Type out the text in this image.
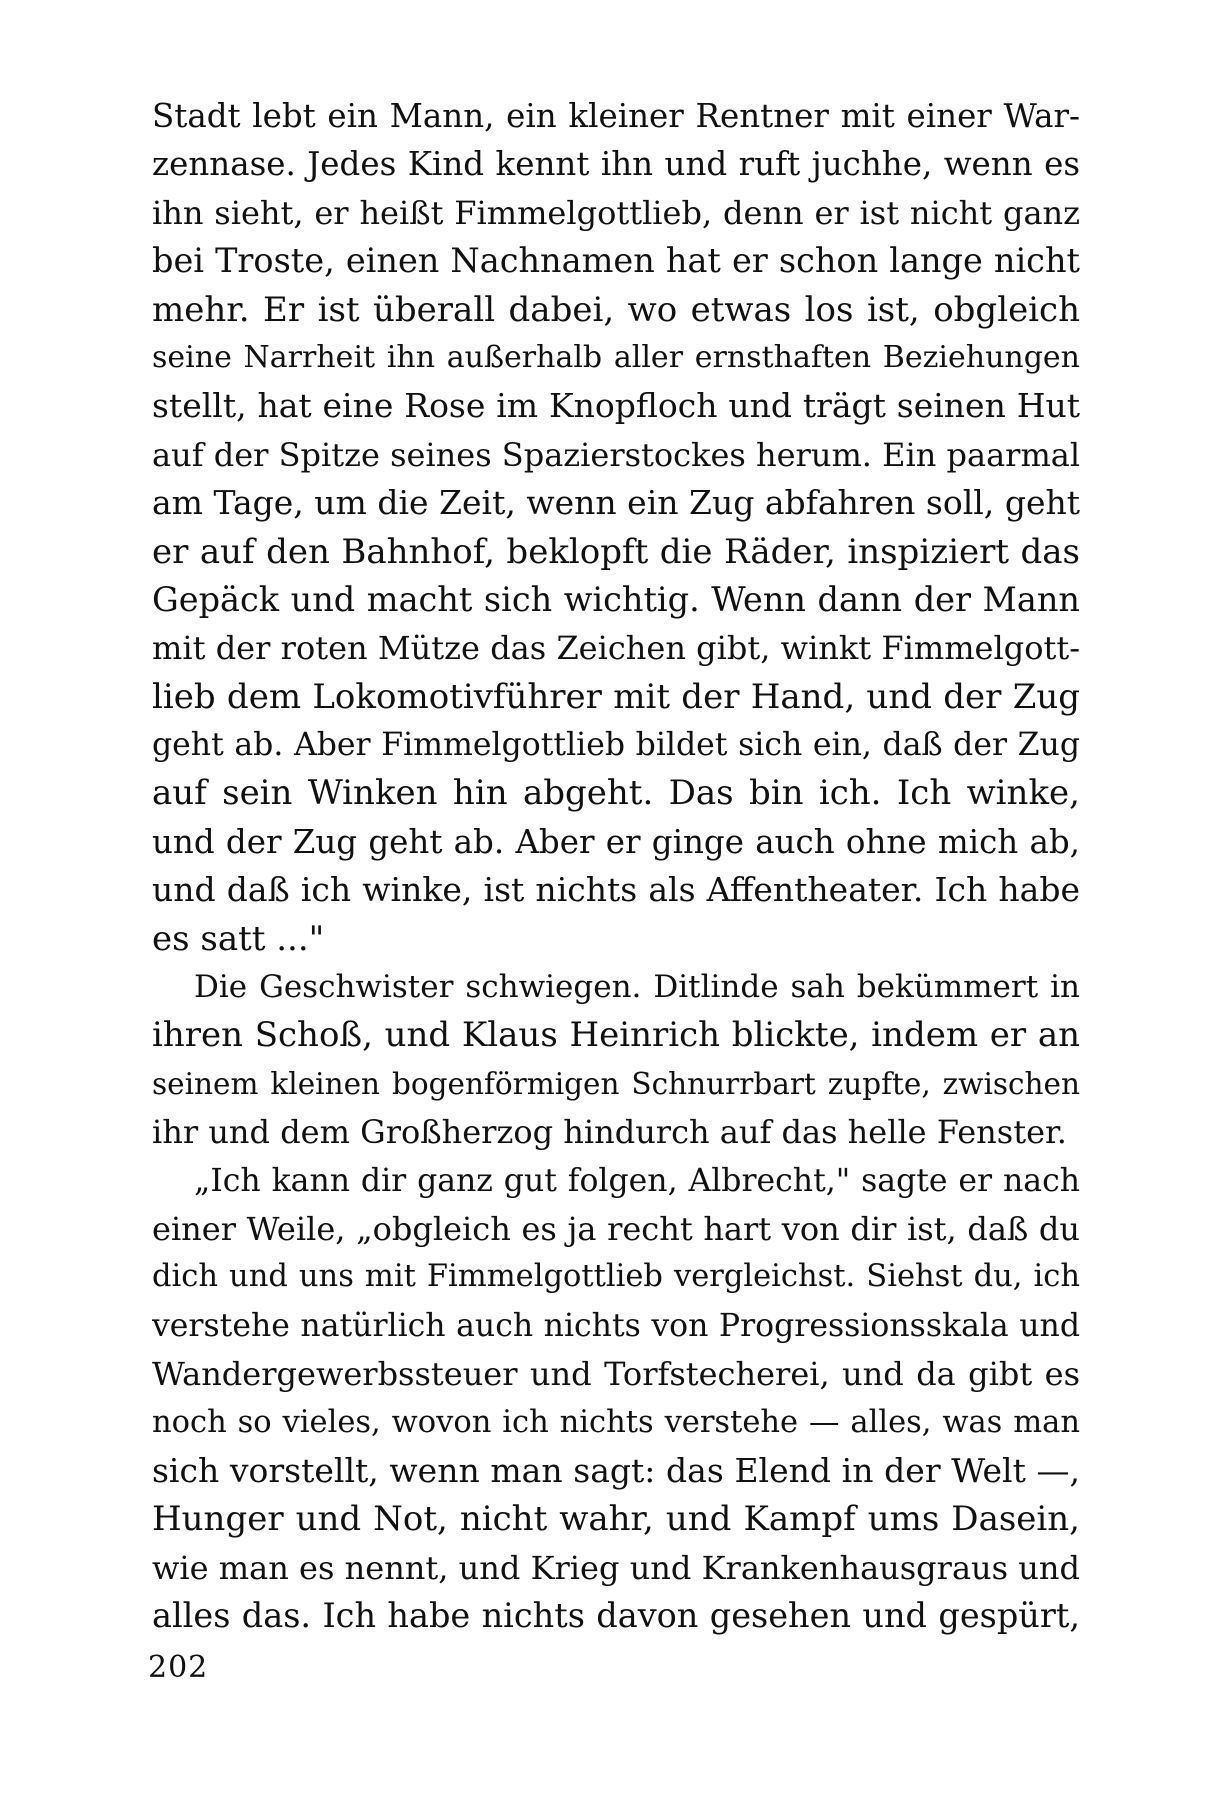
Stadt lebt ein Mann, ein kleiner Rentner mit einer War-
zennase. Jedes Kind kennt ihn und ruft juchhe, wenn es
ihn sieht, er heißt Fimmelgottlieb, denn er ist nicht ganz
bei Troste, einen Nachnamen hat er schon lange nicht
mehr. Er ist überall dabei, wo etwas los ist, obgleich
seine Narrheit ihn außerhalb aller ernsthaften Beziehungen
stellt, hat eine Rose im Knopfloch und trägt seinen Hut
auf der Spitze seines Spazierstockes herum. Ein paarmal
am Tage, um die Zeit, wenn ein Zug abfahren soll, geht
er auf den Bahnhof, beklopft die Räder, inspiziert das
Gepäck und macht sich wichtig. Wenn dann der Mann
mit der roten Mütze das Zeichen gibt, winkt Fimmelgott-
lieb dem Lokomotivführer mit der Hand, und der Zug
geht ab. Aber Fimmelgottlieb bildet sich ein, daß der Zug
auf sein Winken hin abgeht. Das bin ich. Ich winke,
und der Zug geht ab. Aber er ginge auch ohne mich ab,
und daß ich winke, ist nichts als Affentheater. Ich habe
es satt ..."
Die Geschwister schwiegen. Ditlinde sah bekümmert in
ihren Schoß, und Klaus Heinrich blickte, indem er an
seinem kleinen bogenförmigen Schnurrbart zupfte, zwischen
ihr und dem Großherzog hindurch auf das helle Fenster.
„Ich kann dir ganz gut folgen, Albrecht," sagte er nach
einer Weile, „obgleich es ja recht hart von dir ist, daß du
dich und uns mit Fimmelgottlieb vergleichst. Siehst du, ich
verstehe natürlich auch nichts von Progressionsskala und
Wandergewerbssteuer und Torfstecherei, und da gibt es
noch so vieles, wovon ich nichts verstehe — alles, was man
sich vorstellt, wenn man sagt: das Elend in der Welt —,
Hunger und Not, nicht wahr, und Kampf ums Dasein,
wie man es nennt, und Krieg und Krankenhausgraus und
alles das. Ich habe nichts davon gesehen und gespürt,
202
